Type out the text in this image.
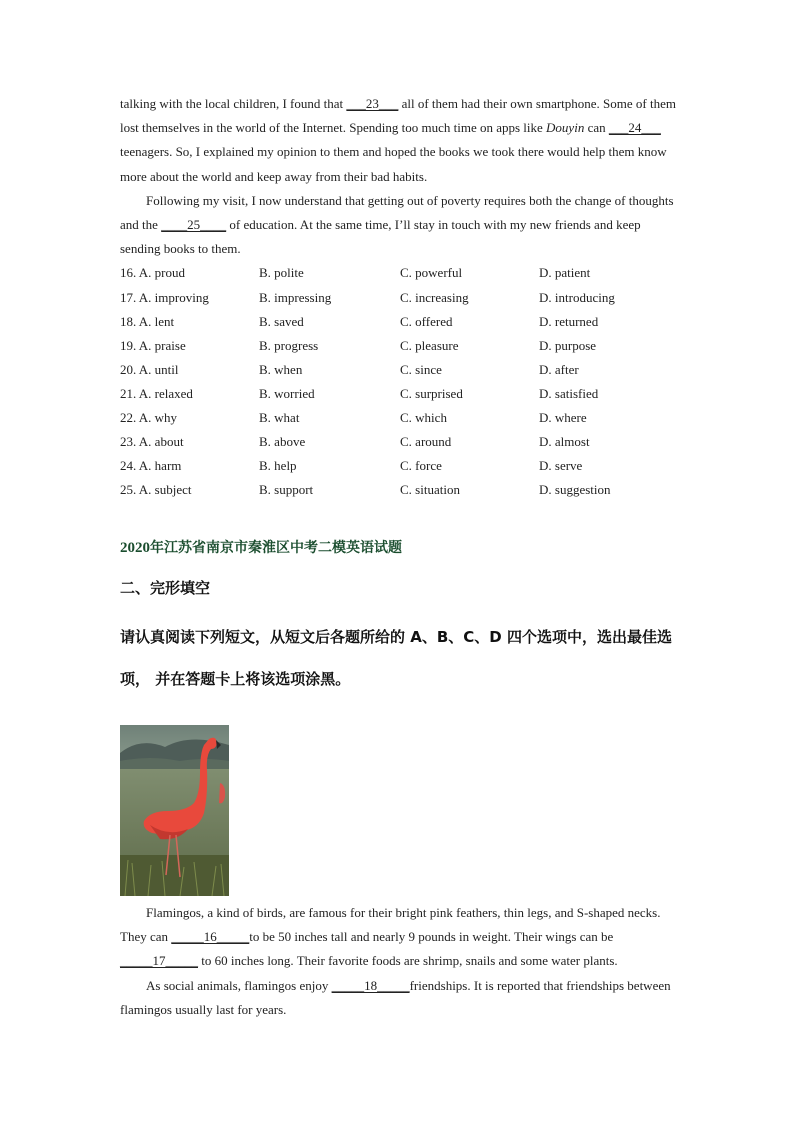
talking with the local children, I found that ___23___ all of them had their own smartphone. Some of them lost themselves in the world of the Internet. Spending too much time on apps like Douyin can ___24___ teenagers. So, I explained my opinion to them and hoped the books we took there would help them know more about the world and keep away from their bad habits.

Following my visit, I now understand that getting out of poverty requires both the change of thoughts and the ____25____ of education. At the same time, I’ll stay in touch with my new friends and keep sending books to them.

16. A. proud	B. polite	C. powerful	D. patient
17. A. improving	B. impressing	C. increasing	D. introducing
18. A. lent	B. saved	C. offered	D. returned
19. A. praise	B. progress	C. pleasure	D. purpose
20. A. until	B. when	C. since	D. after
21. A. relaxed	B. worried	C. surprised	D. satisfied
22. A. why	B. what	C. which	D. where
23. A. about	B. above	C. around	D. almost
24. A. harm	B. help	C. force	D. serve
25. A. subject	B. support	C. situation	D. suggestion
2020年江苏省南京市秦淮区中考二模英语试题
二、完形填空
请认真阅读下列短文，从短文后各题所给的 A、B、C、D 四个选项中，选出最佳选项， 并在答题卡上将该选项涂黑。

Flamingos, a kind of birds, are famous for their bright pink feathers, thin legs, and S-shaped necks. They can _____16_____to be 50 inches tall and nearly 9 pounds in weight. Their wings can be _____17_____ to 60 inches long. Their favorite foods are shrimp, snails and some water plants.

As social animals, flamingos enjoy _____18_____friendships. It is reported that friendships between flamingos usually last for years.
